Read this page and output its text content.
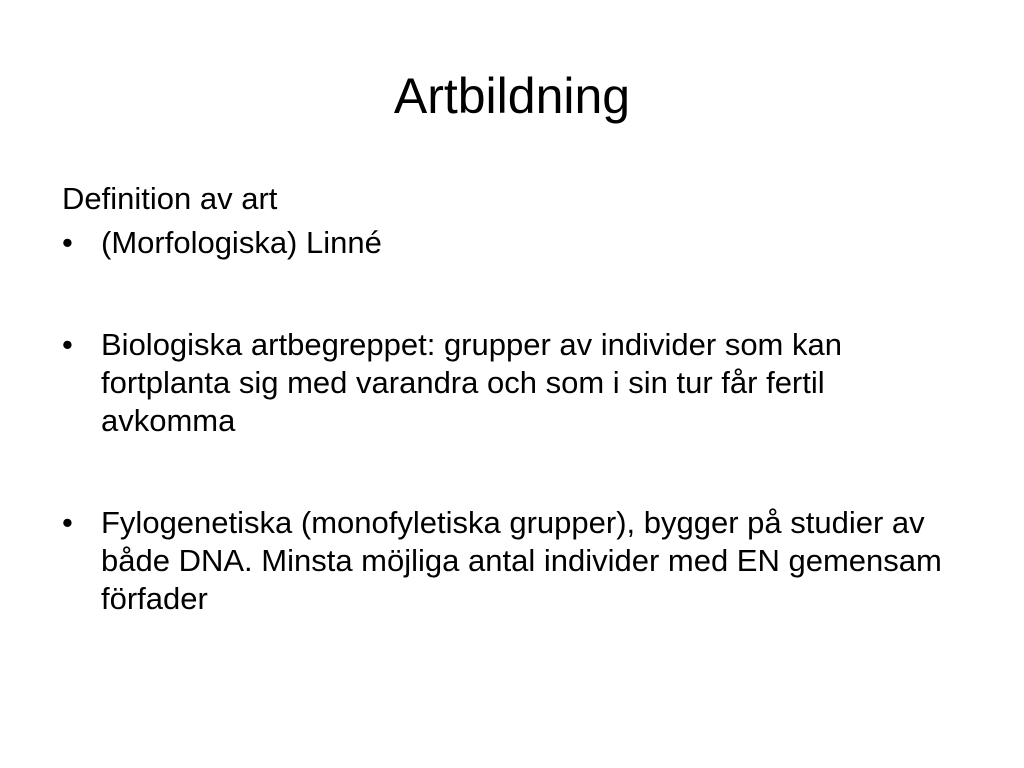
Artbildning

Definition av art

• (Morfologiska) Linné
• Biologiska artbegreppet: grupper av individer som kan fortplanta sig med varandra och som i sin tur får fertil avkomma
• Fylogenetiska (monofyletiska grupper), bygger på studier av både DNA. Minsta möjliga antal individer med EN gemensam förfader
